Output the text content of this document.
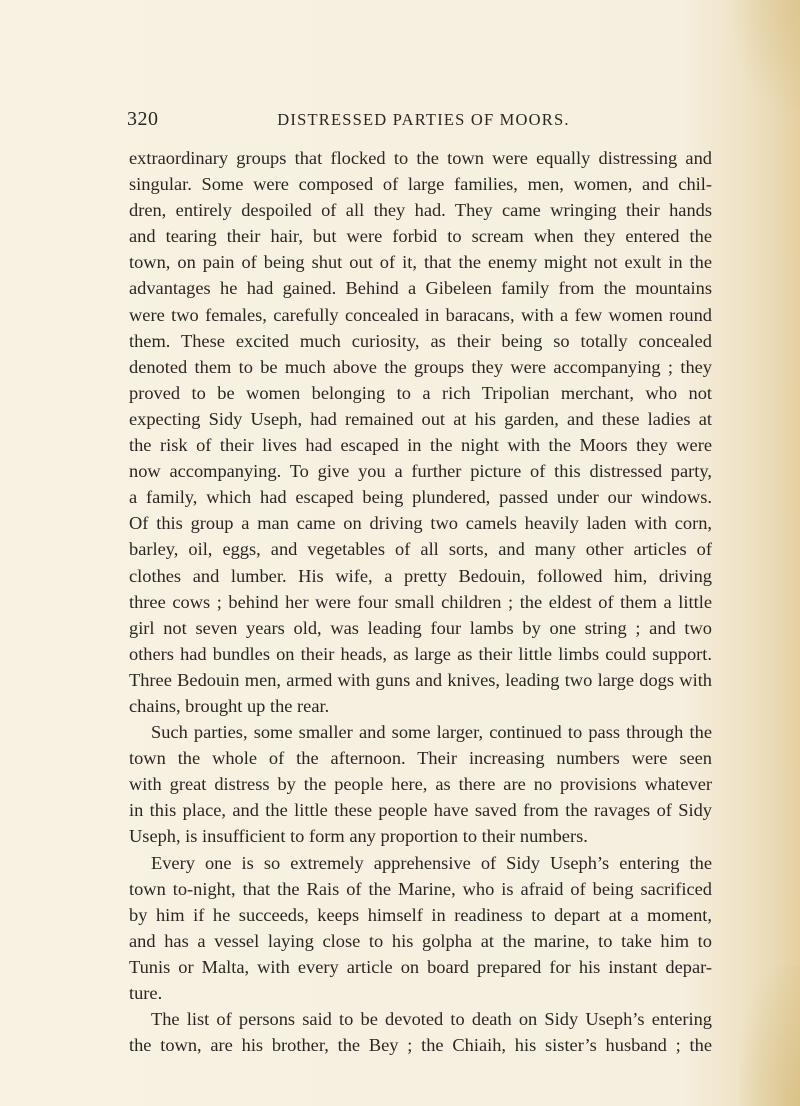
320	DISTRESSED PARTIES OF MOORS.
extraordinary groups that flocked to the town were equally distressing and
singular. Some were composed of large families, men, women, and chil-
dren, entirely despoiled of all they had. They came wringing their hands
and tearing their hair, but were forbid to scream when they entered the
town, on pain of being shut out of it, that the enemy might not exult in the
advantages he had gained. Behind a Gibeleen family from the mountains
were two females, carefully concealed in baracans, with a few women round
them. These excited much curiosity, as their being so totally concealed
denoted them to be much above the groups they were accompanying ; they
proved to be women belonging to a rich Tripolian merchant, who not
expecting Sidy Useph, had remained out at his garden, and these ladies at
the risk of their lives had escaped in the night with the Moors they were
now accompanying. To give you a further picture of this distressed party,
a family, which had escaped being plundered, passed under our windows.
Of this group a man came on driving two camels heavily laden with corn,
barley, oil, eggs, and vegetables of all sorts, and many other articles of
clothes and lumber. His wife, a pretty Bedouin, followed him, driving
three cows ; behind her were four small children ; the eldest of them a little
girl not seven years old, was leading four lambs by one string ; and two
others had bundles on their heads, as large as their little limbs could support.
Three Bedouin men, armed with guns and knives, leading two large dogs with
chains, brought up the rear.
Such parties, some smaller and some larger, continued to pass through the
town the whole of the afternoon. Their increasing numbers were seen
with great distress by the people here, as there are no provisions whatever
in this place, and the little these people have saved from the ravages of Sidy
Useph, is insufficient to form any proportion to their numbers.
Every one is so extremely apprehensive of Sidy Useph’s entering the
town to-night, that the Rais of the Marine, who is afraid of being sacrificed
by him if he succeeds, keeps himself in readiness to depart at a moment,
and has a vessel laying close to his golpha at the marine, to take him to
Tunis or Malta, with every article on board prepared for his instant depar-
ture.
The list of persons said to be devoted to death on Sidy Useph’s entering
the town, are his brother, the Bey ; the Chiaih, his sister’s husband ; the
